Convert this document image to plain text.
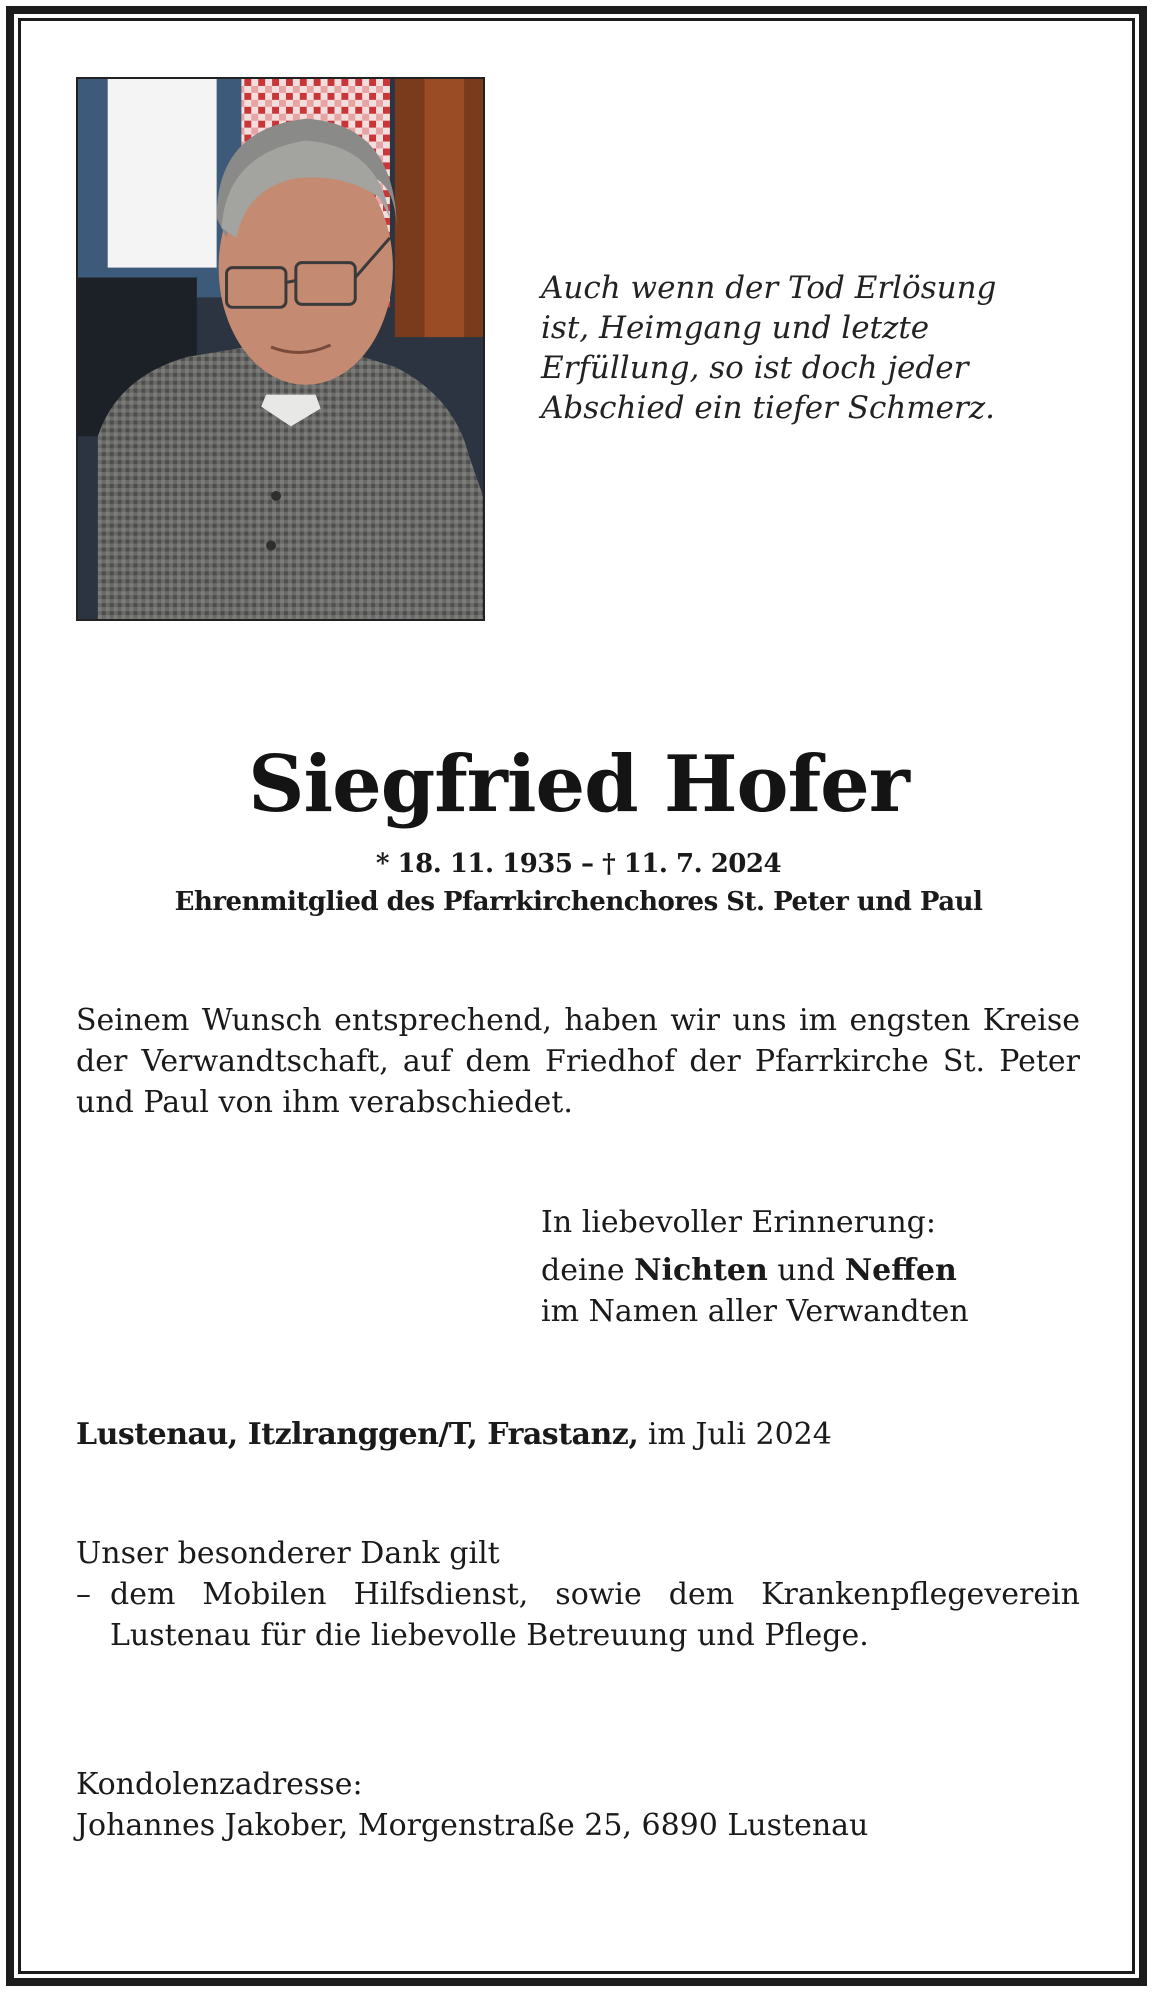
Auch wenn der Tod Erlösung
ist, Heimgang und letzte
Erfüllung, so ist doch jeder
Abschied ein tiefer Schmerz.
Siegfried Hofer
* 18. 11. 1935 – † 11. 7. 2024
Ehrenmitglied des Pfarrkirchenchores St. Peter und Paul
Seinem Wunsch entsprechend, haben wir uns im engsten Kreise
der Verwandtschaft, auf dem Friedhof der Pfarrkirche St. Peter
und Paul von ihm verabschiedet.
In liebevoller Erinnerung:
deine Nichten und Neffen
im Namen aller Verwandten
Lustenau, Itzlranggen/T, Frastanz, im Juli 2024
Unser besonderer Dank gilt
– dem Mobilen Hilfsdienst, sowie dem Krankenpflegeverein
Lustenau für die liebevolle Betreuung und Pflege.
Kondolenzadresse:
Johannes Jakober, Morgenstraße 25, 6890 Lustenau
